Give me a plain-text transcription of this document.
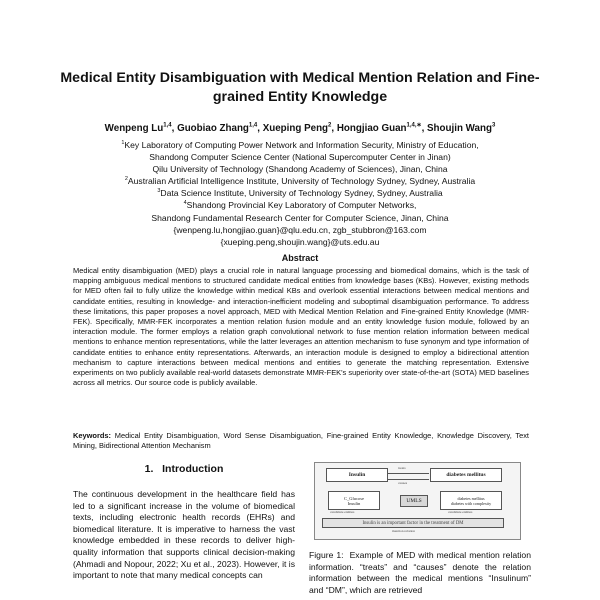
Medical Entity Disambiguation with Medical Mention Relation and Fine-grained Entity Knowledge
Wenpeng Lu$^{1,4}$, Guobiao Zhang$^{1,4}$, Xueping Peng$^2$, Hongjiao Guan$^{1,4,∗}$, Shoujin Wang$^3$
$^1$Key Laboratory of Computing Power Network and Information Security, Ministry of Education,
Shandong Computer Science Center (National Supercomputer Center in Jinan)
Qilu University of Technology (Shandong Academy of Sciences), Jinan, China
$^2$Australian Artificial Intelligence Institute, University of Technology Sydney, Sydney, Australia
$^3$Data Science Institute, University of Technology Sydney, Sydney, Australia
$^4$Shandong Provincial Key Laboratory of Computer Networks,
Shandong Fundamental Research Center for Computer Science, Jinan, China
{wenpeng.lu,hongjiao.guan}@qlu.edu.cn, zgb_stubbron@163.com
{xueping.peng,shoujin.wang}@uts.edu.au
Abstract
Medical entity disambiguation (MED) plays a crucial role in natural language processing and biomedical domains, which is the task of mapping ambiguous medical mentions to structured candidate medical entities from knowledge bases (KBs). However, existing methods for MED often fail to fully utilize the knowledge within medical KBs and overlook essential interactions between medical mentions and candidate entities, resulting in knowledge- and interaction-inefficient modeling and suboptimal disambiguation performance. To address these limitations, this paper proposes a novel approach, MED with Medical Mention Relation and Fine-grained Entity Knowledge (MMR-FEK). Specifically, MMR-FEK incorporates a mention relation fusion module and an entity knowledge fusion module, followed by an interaction module. The former employs a relation graph convolutional network to fuse mention relation information between medical mentions to enhance mention representations, while the latter leverages an attention mechanism to fuse synonym and type information of candidate entities to enhance entity representations. Afterwards, an interaction module is designed to employ a bidirectional attention mechanism to capture interactions between medical mentions and entities to generate the matching representation. Extensive experiments on two publicly available real-world datasets demonstrate MMR-FEK's superiority over state-of-the-art (SOTA) MED baselines across all metrics. Our source code is publicly available.
Keywords: Medical Entity Disambiguation, Word Sense Disambiguation, Fine-grained Entity Knowledge, Knowledge Discovery, Text Mining, Bidirectional Attention Mechanism
1. Introduction
The continuous development in the healthcare field has led to a significant increase in the volume of biomedical texts, including electronic health records (EHRs) and biomedical literature. It is imperative to harness the vast knowledge embedded in these records to deliver high-quality information that supports clinical decision-making (Ahmadi and Nopour, 2022; Xu et al., 2023). However, it is important to note that many medical concepts can
Insulin	diabetes mellitus
treats
causes
C_Glucose
Insulin	UMLS	diabetes mellitus
diabetes with complexity
candidate entities	candidate entities
Insulin is an important factor in the treatment of DM
mention relation
Figure 1: Example of MED with medical mention relation information. “treats” and “causes” denote the relation information between the medical mentions “Insulinum” and “DM”, which are retrieved
